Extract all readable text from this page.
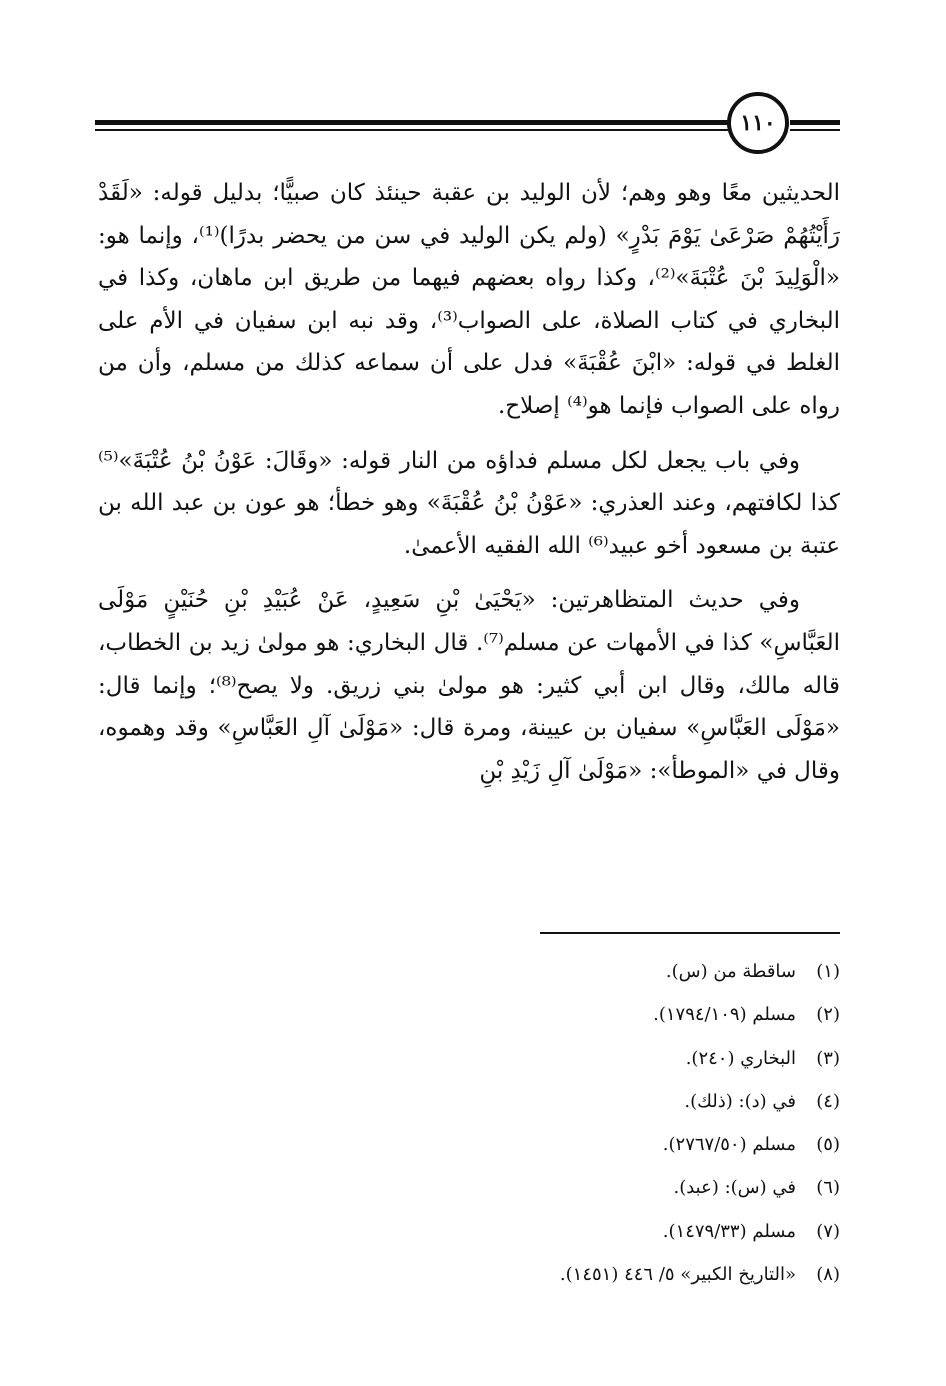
١١٠

الحديثين معًا وهو وهم؛ لأن الوليد بن عقبة حينئذ كان صبيًّا؛ بدليل قوله: «لَقَدْ رَأَيْتُهُمْ صَرْعَىٰ يَوْمَ بَدْرٍ» (ولم يكن الوليد في سن من يحضر بدرًا)⁽¹⁾، وإنما هو: «الْوَلِيدَ بْنَ عُتْبَةَ»⁽²⁾، وكذا رواه بعضهم فيهما من طريق ابن ماهان، وكذا في البخاري في كتاب الصلاة، على الصواب⁽³⁾، وقد نبه ابن سفيان في الأم على الغلط في قوله: «ابْنَ عُقْبَةَ» فدل على أن سماعه كذلك من مسلم، وأن من رواه على الصواب فإنما هو⁽⁴⁾ إصلاح.

وفي باب يجعل لكل مسلم فداؤه من النار قوله: «وقَالَ: عَوْنُ بْنُ عُتْبَةَ»⁽⁵⁾ كذا لكافتهم، وعند العذري: «عَوْنُ بْنُ عُقْبَةَ» وهو خطأ؛ هو عون بن عبد الله بن عتبة بن مسعود أخو عبيد⁽⁶⁾ الله الفقيه الأعمىٰ.

وفي حديث المتظاهرتين: «يَحْيَىٰ بْنِ سَعِيدٍ، عَنْ عُبَيْدِ بْنِ حُنَيْنٍ مَوْلَى العَبَّاسِ» كذا في الأمهات عن مسلم⁽⁷⁾. قال البخاري: هو مولىٰ زيد بن الخطاب، قاله مالك، وقال ابن أبي كثير: هو مولىٰ بني زريق. ولا يصح⁽⁸⁾؛ وإنما قال: «مَوْلَى العَبَّاسِ» سفيان بن عيينة، ومرة قال: «مَوْلَىٰ آلِ العَبَّاسِ» وقد وهموه، وقال في «الموطأ»: «مَوْلَىٰ آلِ زَيْدِ بْنِ

(١)
ساقطة من (س).
(٢)
مسلم (١٧٩٤/١٠٩).
(٣)
البخاري (٢٤٠).
(٤)
في (د): (ذلك).
(٥)
مسلم (٢٧٦٧/٥٠).
(٦)
في (س): (عبد).
(٧)
مسلم (١٤٧٩/٣٣).
(٨)
«التاريخ الكبير» ٥/ ٤٤٦ (١٤٥١).
